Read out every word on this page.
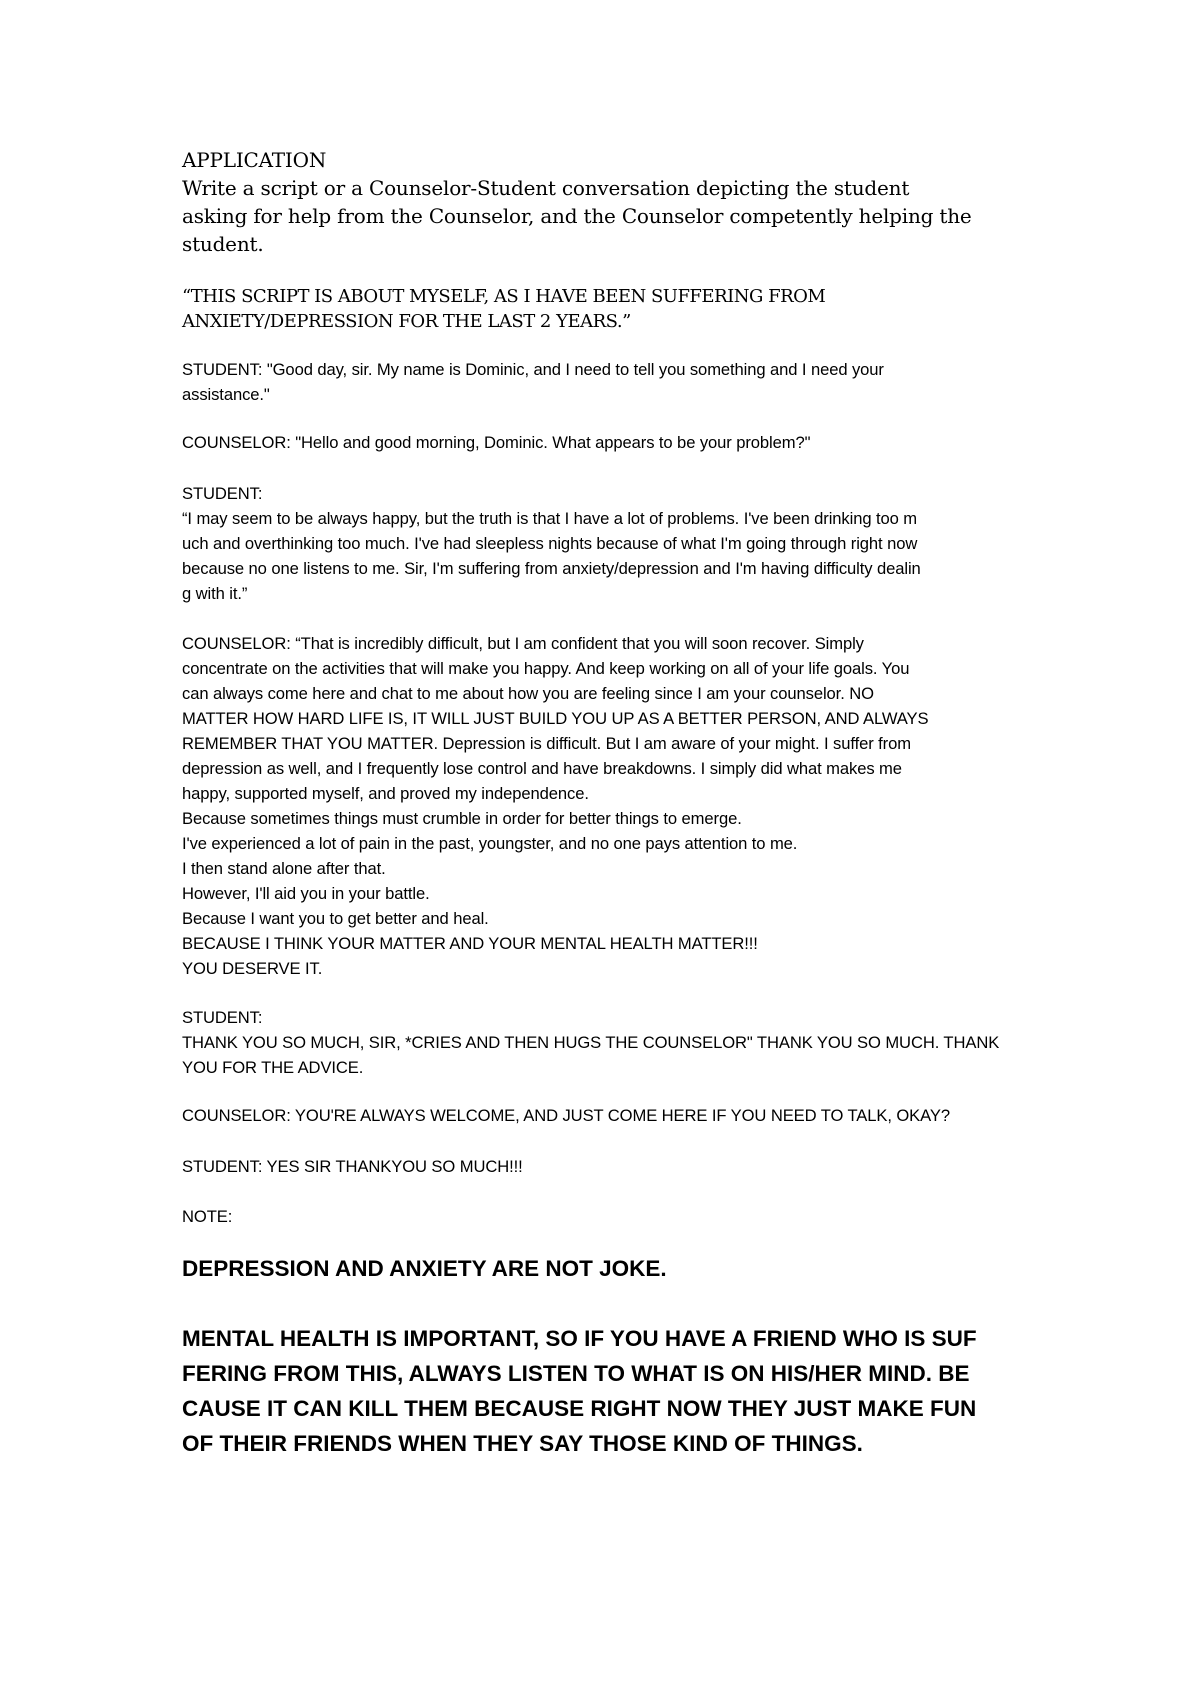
APPLICATION
Write a script or a Counselor-Student conversation depicting the student
asking for help from the Counselor, and the Counselor competently helping the
student.
“THIS SCRIPT IS ABOUT MYSELF, AS I HAVE BEEN SUFFERING FROM
ANXIETY/DEPRESSION FOR THE LAST 2 YEARS.”
STUDENT: "Good day, sir. My name is Dominic, and I need to tell you something and I need your
assistance."
COUNSELOR: "Hello and good morning, Dominic. What appears to be your problem?"
STUDENT:
“I may seem to be always happy, but the truth is that I have a lot of problems. I've been drinking too m
uch and overthinking too much. I've had sleepless nights because of what I'm going through right now
because no one listens to me. Sir, I'm suffering from anxiety/depression and I'm having difficulty dealin
g with it.”
COUNSELOR: “That is incredibly difficult, but I am confident that you will soon recover. Simply
concentrate on the activities that will make you happy. And keep working on all of your life goals. You
can always come here and chat to me about how you are feeling since I am your counselor. NO
MATTER HOW HARD LIFE IS, IT WILL JUST BUILD YOU UP AS A BETTER PERSON, AND ALWAYS
REMEMBER THAT YOU MATTER. Depression is difficult. But I am aware of your might. I suffer from
depression as well, and I frequently lose control and have breakdowns. I simply did what makes me
happy, supported myself, and proved my independence.
Because sometimes things must crumble in order for better things to emerge.
I've experienced a lot of pain in the past, youngster, and no one pays attention to me.
I then stand alone after that.
However, I'll aid you in your battle.
Because I want you to get better and heal.
BECAUSE I THINK YOUR MATTER AND YOUR MENTAL HEALTH MATTER!!!
YOU DESERVE IT.
STUDENT:
THANK YOU SO MUCH, SIR, *CRIES AND THEN HUGS THE COUNSELOR" THANK YOU SO MUCH. THANK
YOU FOR THE ADVICE.
COUNSELOR: YOU'RE ALWAYS WELCOME, AND JUST COME HERE IF YOU NEED TO TALK, OKAY?
STUDENT: YES SIR THANKYOU SO MUCH!!!
NOTE:
DEPRESSION AND ANXIETY ARE NOT JOKE.
MENTAL HEALTH IS IMPORTANT, SO IF YOU HAVE A FRIEND WHO IS SUF
FERING FROM THIS, ALWAYS LISTEN TO WHAT IS ON HIS/HER MIND. BE
CAUSE IT CAN KILL THEM BECAUSE RIGHT NOW THEY JUST MAKE FUN
OF THEIR FRIENDS WHEN THEY SAY THOSE KIND OF THINGS.
